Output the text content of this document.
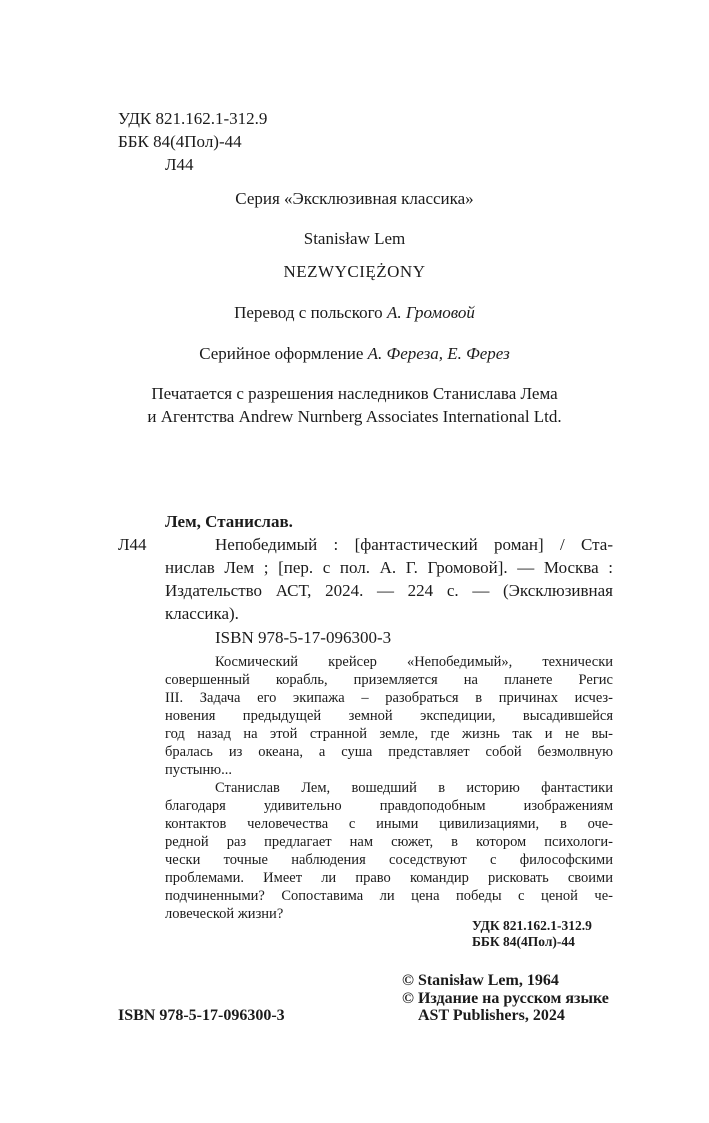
УДК 821.162.1-312.9
ББК 84(4Пол)-44
Л44
Серия «Эксклюзивная классика»
Stanisław Lem
NEZWYCIĘŻONY
Перевод с польского А. Громовой
Серийное оформление А. Фереза, Е. Ферез
Печатается с разрешения наследников Станислава Лема
и Агентства Andrew Nurnberg Associates International Ltd.
Лем, Станислав.
Л44	Непобедимый : [фантастический роман] / Ста-
нислав Лем ; [пер. с пол. А. Г. Громовой]. — Москва :
Издательство АСТ, 2024. — 224 с. — (Эксклюзивная
классика).
ISBN 978-5-17-096300-3
Космический крейсер «Непобедимый», технически
совершенный корабль, приземляется на планете Регис
III. Задача его экипажа – разобраться в причинах исчез-
новения предыдущей земной экспедиции, высадившейся
год назад на этой странной земле, где жизнь так и не вы-
бралась из океана, а суша представляет собой безмолвную
пустыню...
Станислав Лем, вошедший в историю фантастики
благодаря удивительно правдоподобным изображениям
контактов человечества с иными цивилизациями, в оче-
редной раз предлагает нам сюжет, в котором психологи-
чески точные наблюдения соседствуют с философскими
проблемами. Имеет ли право командир рисковать своими
подчиненными? Сопоставима ли цена победы с ценой че-
ловеческой жизни?
УДК 821.162.1-312.9
ББК 84(4Пол)-44
© Stanisław Lem, 1964
© Издание на русском языке
AST Publishers, 2024
ISBN 978-5-17-096300-3
